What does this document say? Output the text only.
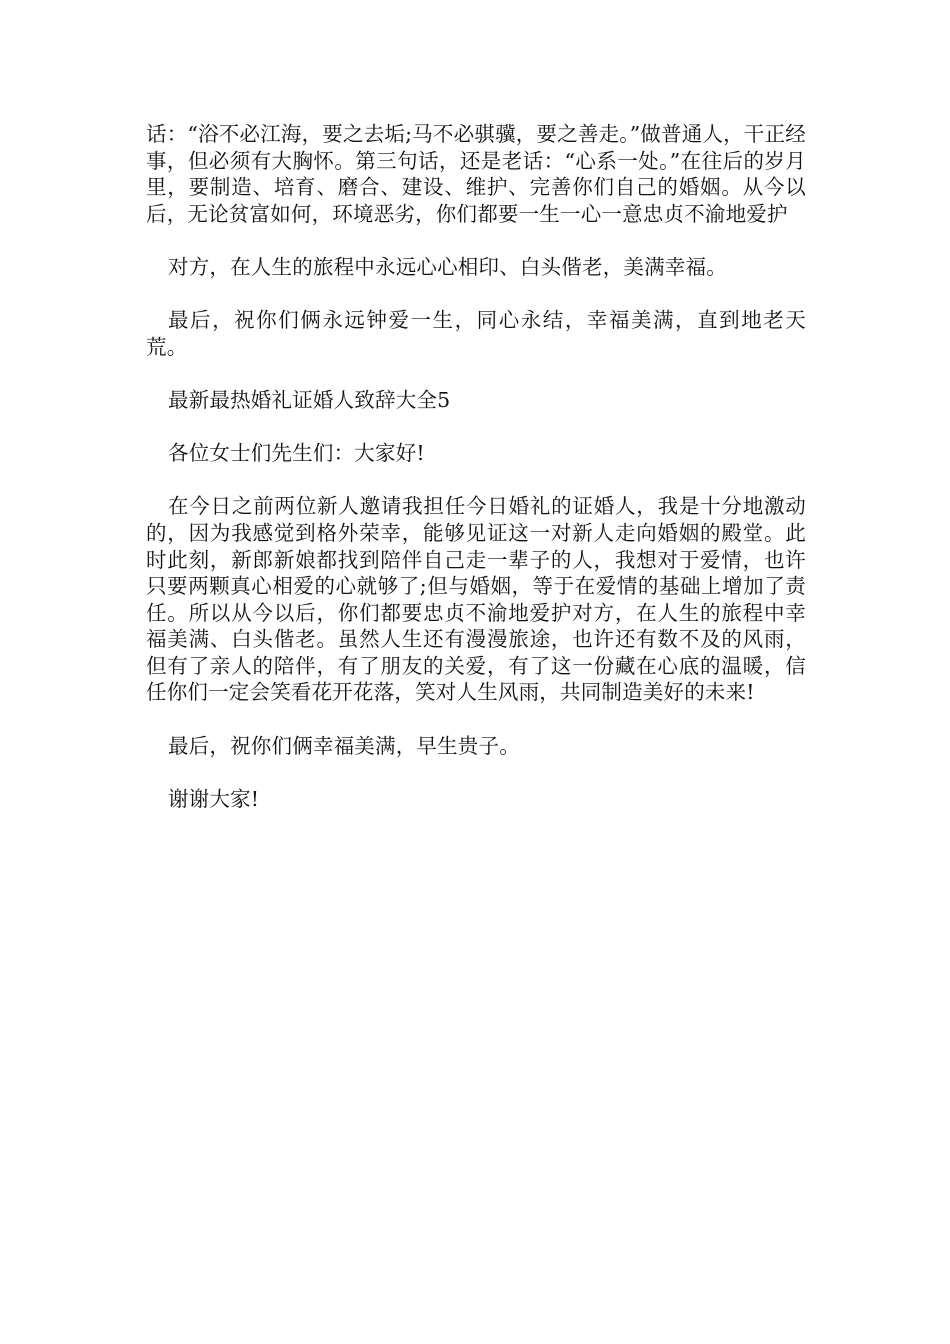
话：“浴不必江海，要之去垢;马不必骐骥，要之善走。”做普通人，干正经事，但必须有大胸怀。第三句话，还是老话：“心系一处。”在往后的岁月里，要制造、培育、磨合、建设、维护、完善你们自己的婚姻。从今以后，无论贫富如何，环境恶劣，你们都要一生一心一意忠贞不渝地爱护

对方，在人生的旅程中永远心心相印、白头偕老，美满幸福。

最后，祝你们俩永远钟爱一生，同心永结，幸福美满，直到地老天荒。

最新最热婚礼证婚人致辞大全5

各位女士们先生们：大家好!

在今日之前两位新人邀请我担任今日婚礼的证婚人，我是十分地激动的，因为我感觉到格外荣幸，能够见证这一对新人走向婚姻的殿堂。此时此刻，新郎新娘都找到陪伴自己走一辈子的人，我想对于爱情，也许只要两颗真心相爱的心就够了;但与婚姻，等于在爱情的基础上增加了责任。所以从今以后，你们都要忠贞不渝地爱护对方，在人生的旅程中幸福美满、白头偕老。虽然人生还有漫漫旅途，也许还有数不及的风雨，但有了亲人的陪伴，有了朋友的关爱，有了这一份藏在心底的温暖，信任你们一定会笑看花开花落，笑对人生风雨，共同制造美好的未来!

最后，祝你们俩幸福美满，早生贵子。

谢谢大家!
